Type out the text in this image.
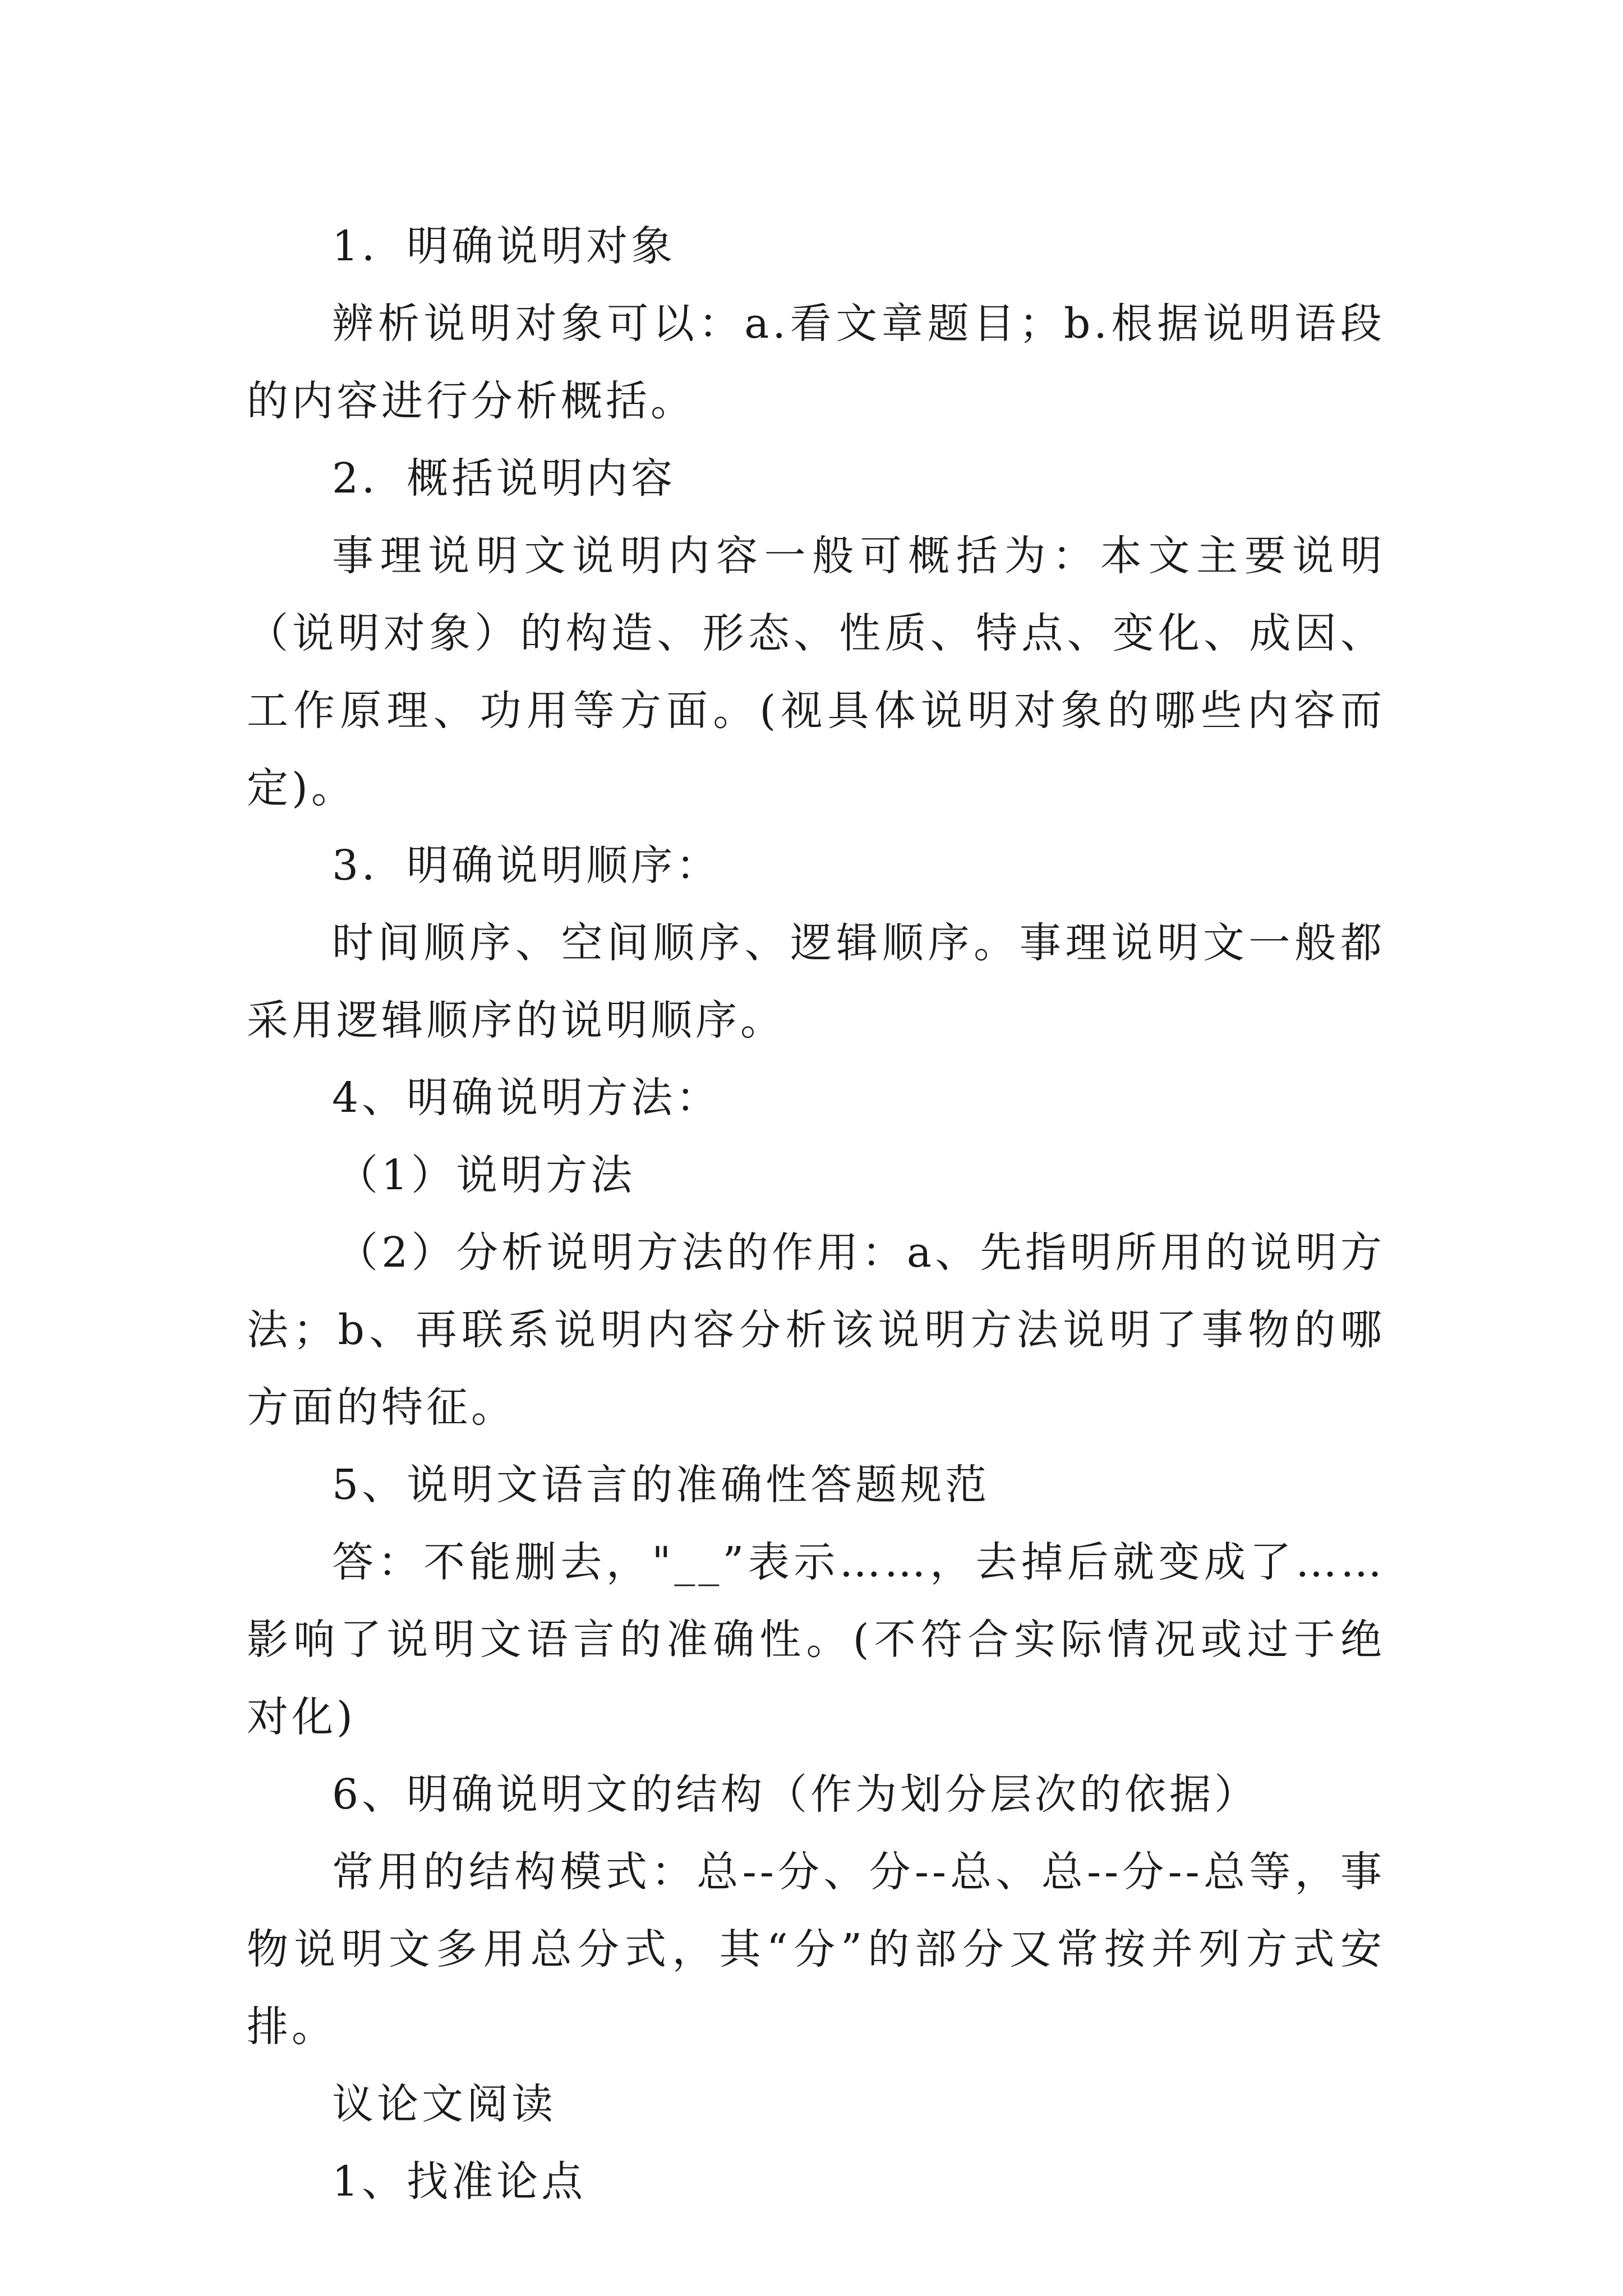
1．明确说明对象

辨析说明对象可以：a.看文章题目；b.根据说明语段的内容进行分析概括。

2．概括说明内容

事理说明文说明内容一般可概括为：本文主要说明（说明对象）的构造、形态、性质、特点、变化、成因、工作原理、功用等方面。(视具体说明对象的哪些内容而定)。

3．明确说明顺序：

时间顺序、空间顺序、逻辑顺序。事理说明文一般都采用逻辑顺序的说明顺序。

4、明确说明方法：

（1）说明方法

（2）分析说明方法的作用：a、先指明所用的说明方法；b、再联系说明内容分析该说明方法说明了事物的哪方面的特征。

5、说明文语言的准确性答题规范

答：不能删去，"__”表示……，去掉后就变成了……影响了说明文语言的准确性。(不符合实际情况或过于绝对化)

6、明确说明文的结构（作为划分层次的依据）

常用的结构模式：总--分、分--总、总--分--总等，事物说明文多用总分式，其“分”的部分又常按并列方式安排。

议论文阅读

1、找准论点
